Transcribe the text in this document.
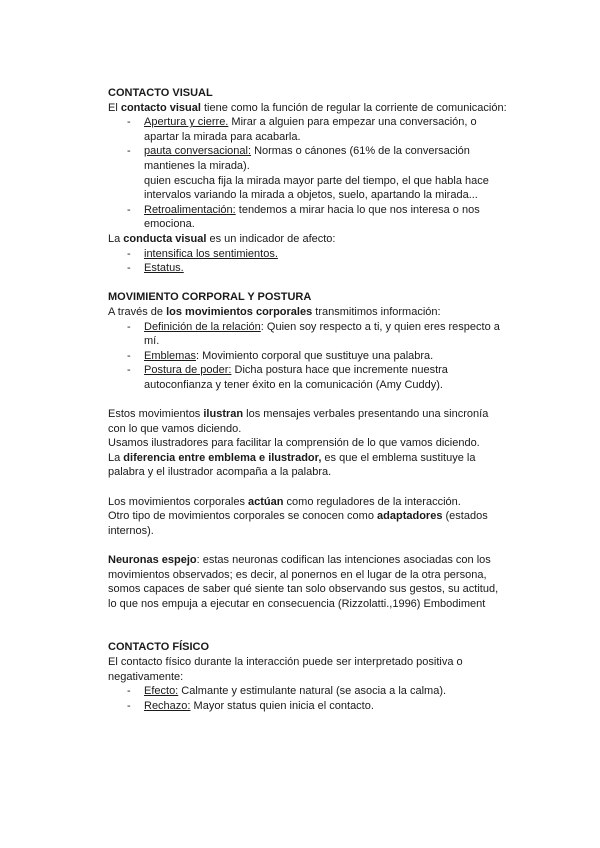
CONTACTO VISUAL

El contacto visual tiene como la función de regular la corriente de comunicación:

- Apertura y cierre. Mirar a alguien para empezar una conversación, o apartar la mirada para acabarla.
- pauta conversacional: Normas o cánones (61% de la conversación mantienes la mirada).
quien escucha fija la mirada mayor parte del tiempo, el que habla hace intervalos variando la mirada a objetos, suelo, apartando la mirada...
- Retroalimentación: tendemos a mirar hacia lo que nos interesa o nos emociona.

La conducta visual es un indicador de afecto:

- intensifica los sentimientos.
- Estatus.

MOVIMIENTO CORPORAL Y POSTURA

A través de los movimientos corporales transmitimos información:

- Definición de la relación: Quien soy respecto a ti, y quien eres respecto a mí.
- Emblemas: Movimiento corporal que sustituye una palabra.
- Postura de poder: Dicha postura hace que incremente nuestra autoconfianza y tener éxito en la comunicación (Amy Cuddy).

Estos movimientos ilustran los mensajes verbales presentando una sincronía con lo que vamos diciendo.

Usamos ilustradores para facilitar la comprensión de lo que vamos diciendo.

La diferencia entre emblema e ilustrador, es que el emblema sustituye la palabra y el ilustrador acompaña a la palabra.

Los movimientos corporales actúan como reguladores de la interacción.

Otro tipo de movimientos corporales se conocen como adaptadores (estados internos).

Neuronas espejo: estas neuronas codifican las intenciones asociadas con los movimientos observados; es decir, al ponernos en el lugar de la otra persona, somos capaces de saber qué siente tan solo observando sus gestos, su actitud, lo que nos empuja a ejecutar en consecuencia (Rizzolatti.,1996) Embodiment

CONTACTO FÍSICO

El contacto físico durante la interacción puede ser interpretado positiva o negativamente:

- Efecto: Calmante y estimulante natural (se asocia a la calma).
- Rechazo: Mayor status quien inicia el contacto.
